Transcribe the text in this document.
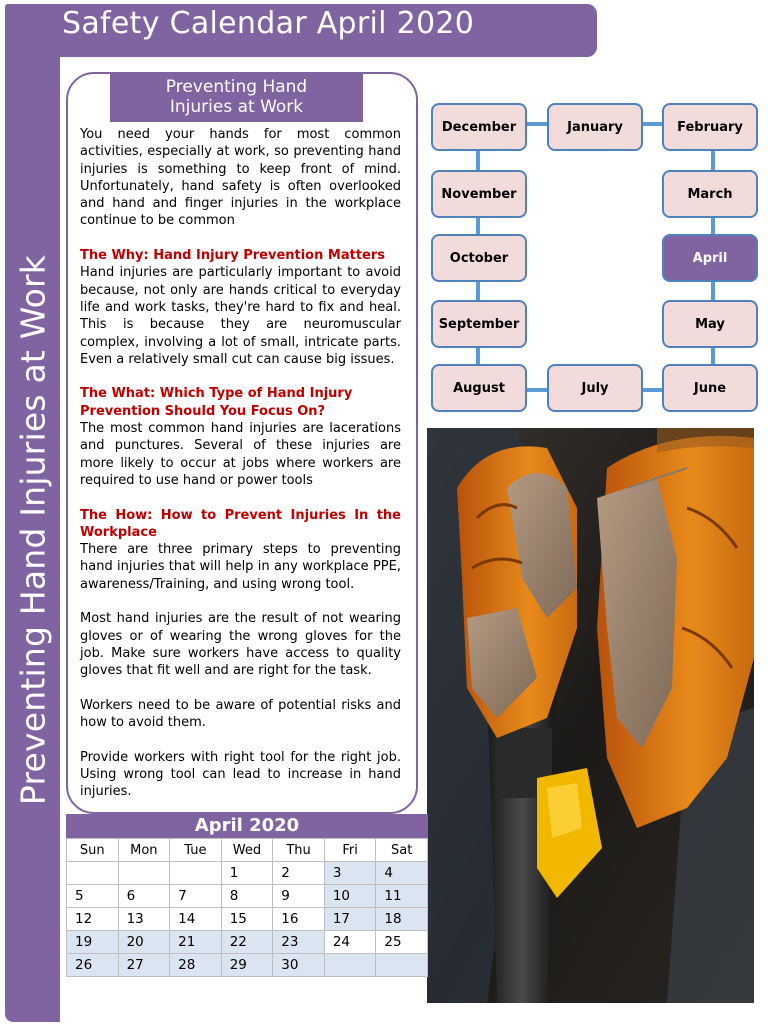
Safety Calendar April 2020
Preventing Hand Injuries at Work
Preventing Hand
Injuries at Work

You need your hands for most common activities, especially at work, so preventing hand injuries is something to keep front of mind. Unfortunately, hand safety is often overlooked and hand and finger injuries in the workplace continue to be common

The Why: Hand Injury Prevention Matters
Hand injuries are particularly important to avoid because, not only are hands critical to everyday life and work tasks, they're hard to fix and heal. This is because they are neuromuscular complex, involving a lot of small, intricate parts. Even a relatively small cut can cause big issues.

The What: Which Type of Hand Injury Prevention Should You Focus On?
The most common hand injuries are lacerations and punctures. Several of these injuries are more likely to occur at jobs where workers are required to use hand or power tools

The How: How to Prevent Injuries In the
Workplace
There are three primary steps to preventing hand injuries that will help in any workplace PPE, awareness/Training, and using wrong tool.

Most hand injuries are the result of not wearing gloves or of wearing the wrong gloves for the job. Make sure workers have access to quality gloves that fit well and are right for the task.

Workers need to be aware of potential risks and how to avoid them.

Provide workers with right tool for the right job. Using wrong tool can lead to increase in hand injuries.

December	January	February
November	March
October	April
September	May
August	July	June
April 2020
Sun	Mon	Tue	Wed	Thu	Fri	Sat
			1	2	3	4
5	6	7	8	9	10	11
12	13	14	15	16	17	18
19	20	21	22	23	24	25
26	27	28	29	30		
